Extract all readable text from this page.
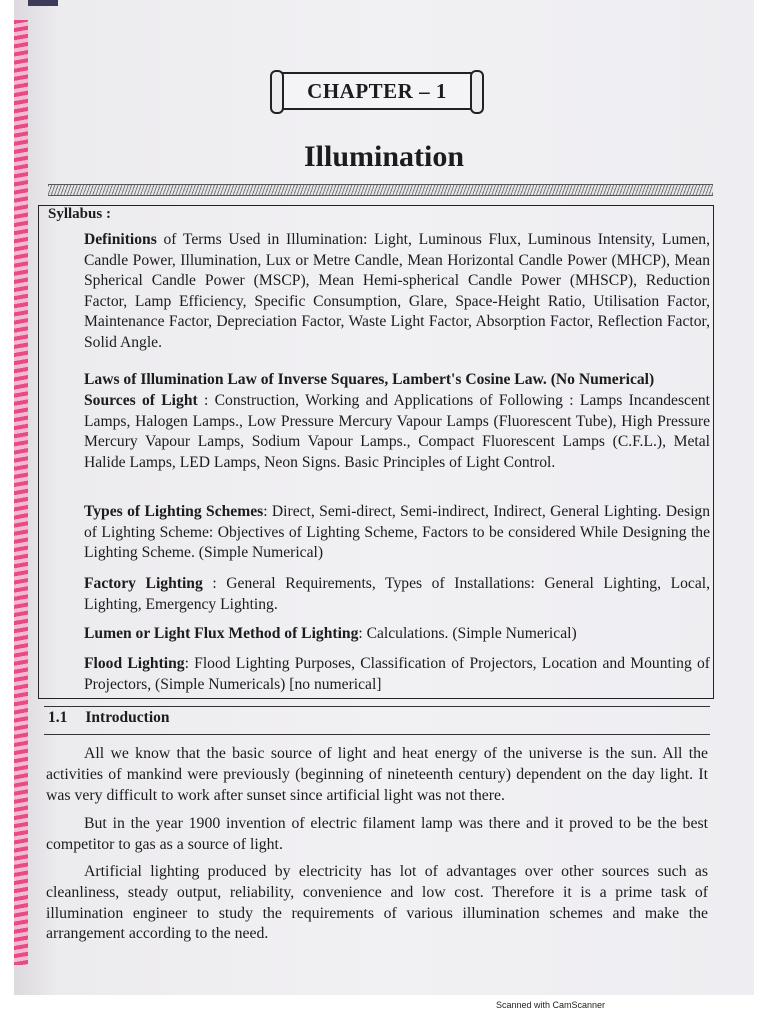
CHAPTER – 1
Illumination
Syllabus :
Definitions of Terms Used in Illumination: Light, Luminous Flux, Luminous Intensity, Lumen, Candle Power, Illumination, Lux or Metre Candle, Mean Horizontal Candle Power (MHCP), Mean Spherical Candle Power (MSCP), Mean Hemi-spherical Candle Power (MHSCP), Reduction Factor, Lamp Efficiency, Specific Consumption, Glare, Space-Height Ratio, Utilisation Factor, Maintenance Factor, Depreciation Factor, Waste Light Factor, Absorption Factor, Reflection Factor, Solid Angle.
Laws of Illumination Law of Inverse Squares, Lambert's Cosine Law. (No Numerical)
Sources of Light : Construction, Working and Applications of Following : Lamps Incandescent Lamps, Halogen Lamps., Low Pressure Mercury Vapour Lamps (Fluorescent Tube), High Pressure Mercury Vapour Lamps, Sodium Vapour Lamps., Compact Fluorescent Lamps (C.F.L.), Metal Halide Lamps, LED Lamps, Neon Signs. Basic Principles of Light Control.
Types of Lighting Schemes: Direct, Semi-direct, Semi-indirect, Indirect, General Lighting. Design of Lighting Scheme: Objectives of Lighting Scheme, Factors to be considered While Designing the Lighting Scheme. (Simple Numerical)
Factory Lighting : General Requirements, Types of Installations: General Lighting, Local, Lighting, Emergency Lighting.
Lumen or Light Flux Method of Lighting: Calculations. (Simple Numerical)
Flood Lighting: Flood Lighting Purposes, Classification of Projectors, Location and Mounting of Projectors, (Simple Numericals) [no numerical]
1.1 Introduction
All we know that the basic source of light and heat energy of the universe is the sun. All the activities of mankind were previously (beginning of nineteenth century) dependent on the day light. It was very difficult to work after sunset since artificial light was not there.
But in the year 1900 invention of electric filament lamp was there and it proved to be the best competitor to gas as a source of light.
Artificial lighting produced by electricity has lot of advantages over other sources such as cleanliness, steady output, reliability, convenience and low cost. Therefore it is a prime task of illumination engineer to study the requirements of various illumination schemes and make the arrangement according to the need.
Scanned with CamScanner
